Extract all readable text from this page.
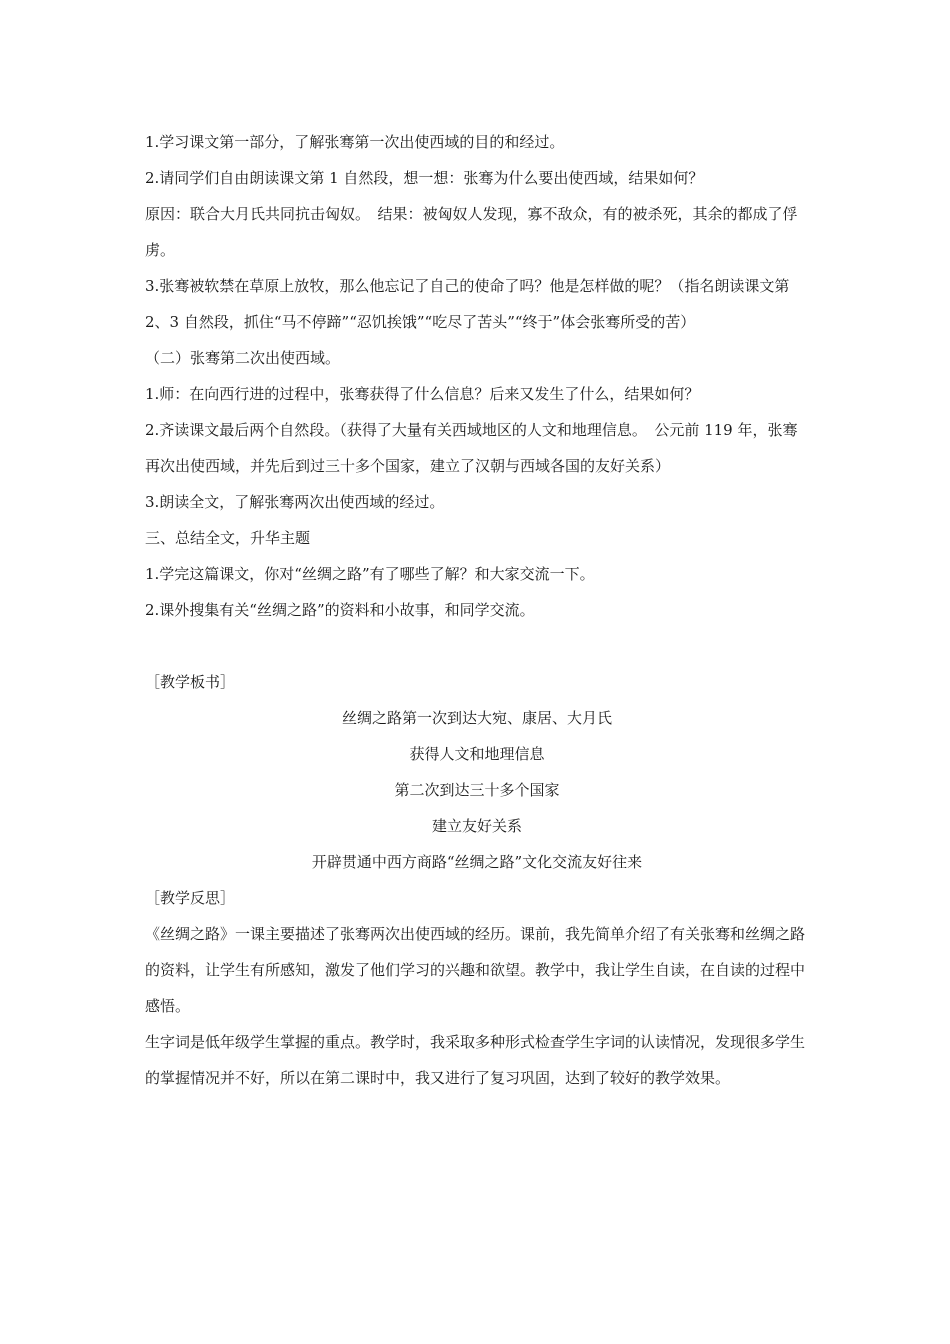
1.学习课文第一部分，了解张骞第一次出使西域的目的和经过。

2.请同学们自由朗读课文第 1 自然段，想一想：张骞为什么要出使西域，结果如何？

原因：联合大月氏共同抗击匈奴。　结果：被匈奴人发现，寡不敌众，有的被杀死，其余的都成了俘虏。

3.张骞被软禁在草原上放牧，那么他忘记了自己的使命了吗？他是怎样做的呢？（指名朗读课文第 2、3 自然段，抓住“马不停蹄”“忍饥挨饿”“吃尽了苦头”“终于”体会张骞所受的苦）

（二）张骞第二次出使西域。

1.师：在向西行进的过程中，张骞获得了什么信息？后来又发生了什么，结果如何？

2.齐读课文最后两个自然段。（获得了大量有关西域地区的人文和地理信息。　公元前 119 年，张骞再次出使西域，并先后到过三十多个国家，建立了汉朝与西域各国的友好关系）

3.朗读全文，了解张骞两次出使西域的经过。

三、总结全文，升华主题

1.学完这篇课文，你对“丝绸之路”有了哪些了解？和大家交流一下。

2.课外搜集有关“丝绸之路”的资料和小故事，和同学交流。

［教学板书］

丝绸之路第一次到达大宛、康居、大月氏

获得人文和地理信息

第二次到达三十多个国家

建立友好关系

开辟贯通中西方商路“丝绸之路”文化交流友好往来

［教学反思］

《丝绸之路》一课主要描述了张骞两次出使西域的经历。课前，我先简单介绍了有关张骞和丝绸之路的资料，让学生有所感知，激发了他们学习的兴趣和欲望。教学中，我让学生自读，在自读的过程中感悟。

生字词是低年级学生掌握的重点。教学时，我采取多种形式检查学生字词的认读情况，发现很多学生的掌握情况并不好，所以在第二课时中，我又进行了复习巩固，达到了较好的教学效果。
